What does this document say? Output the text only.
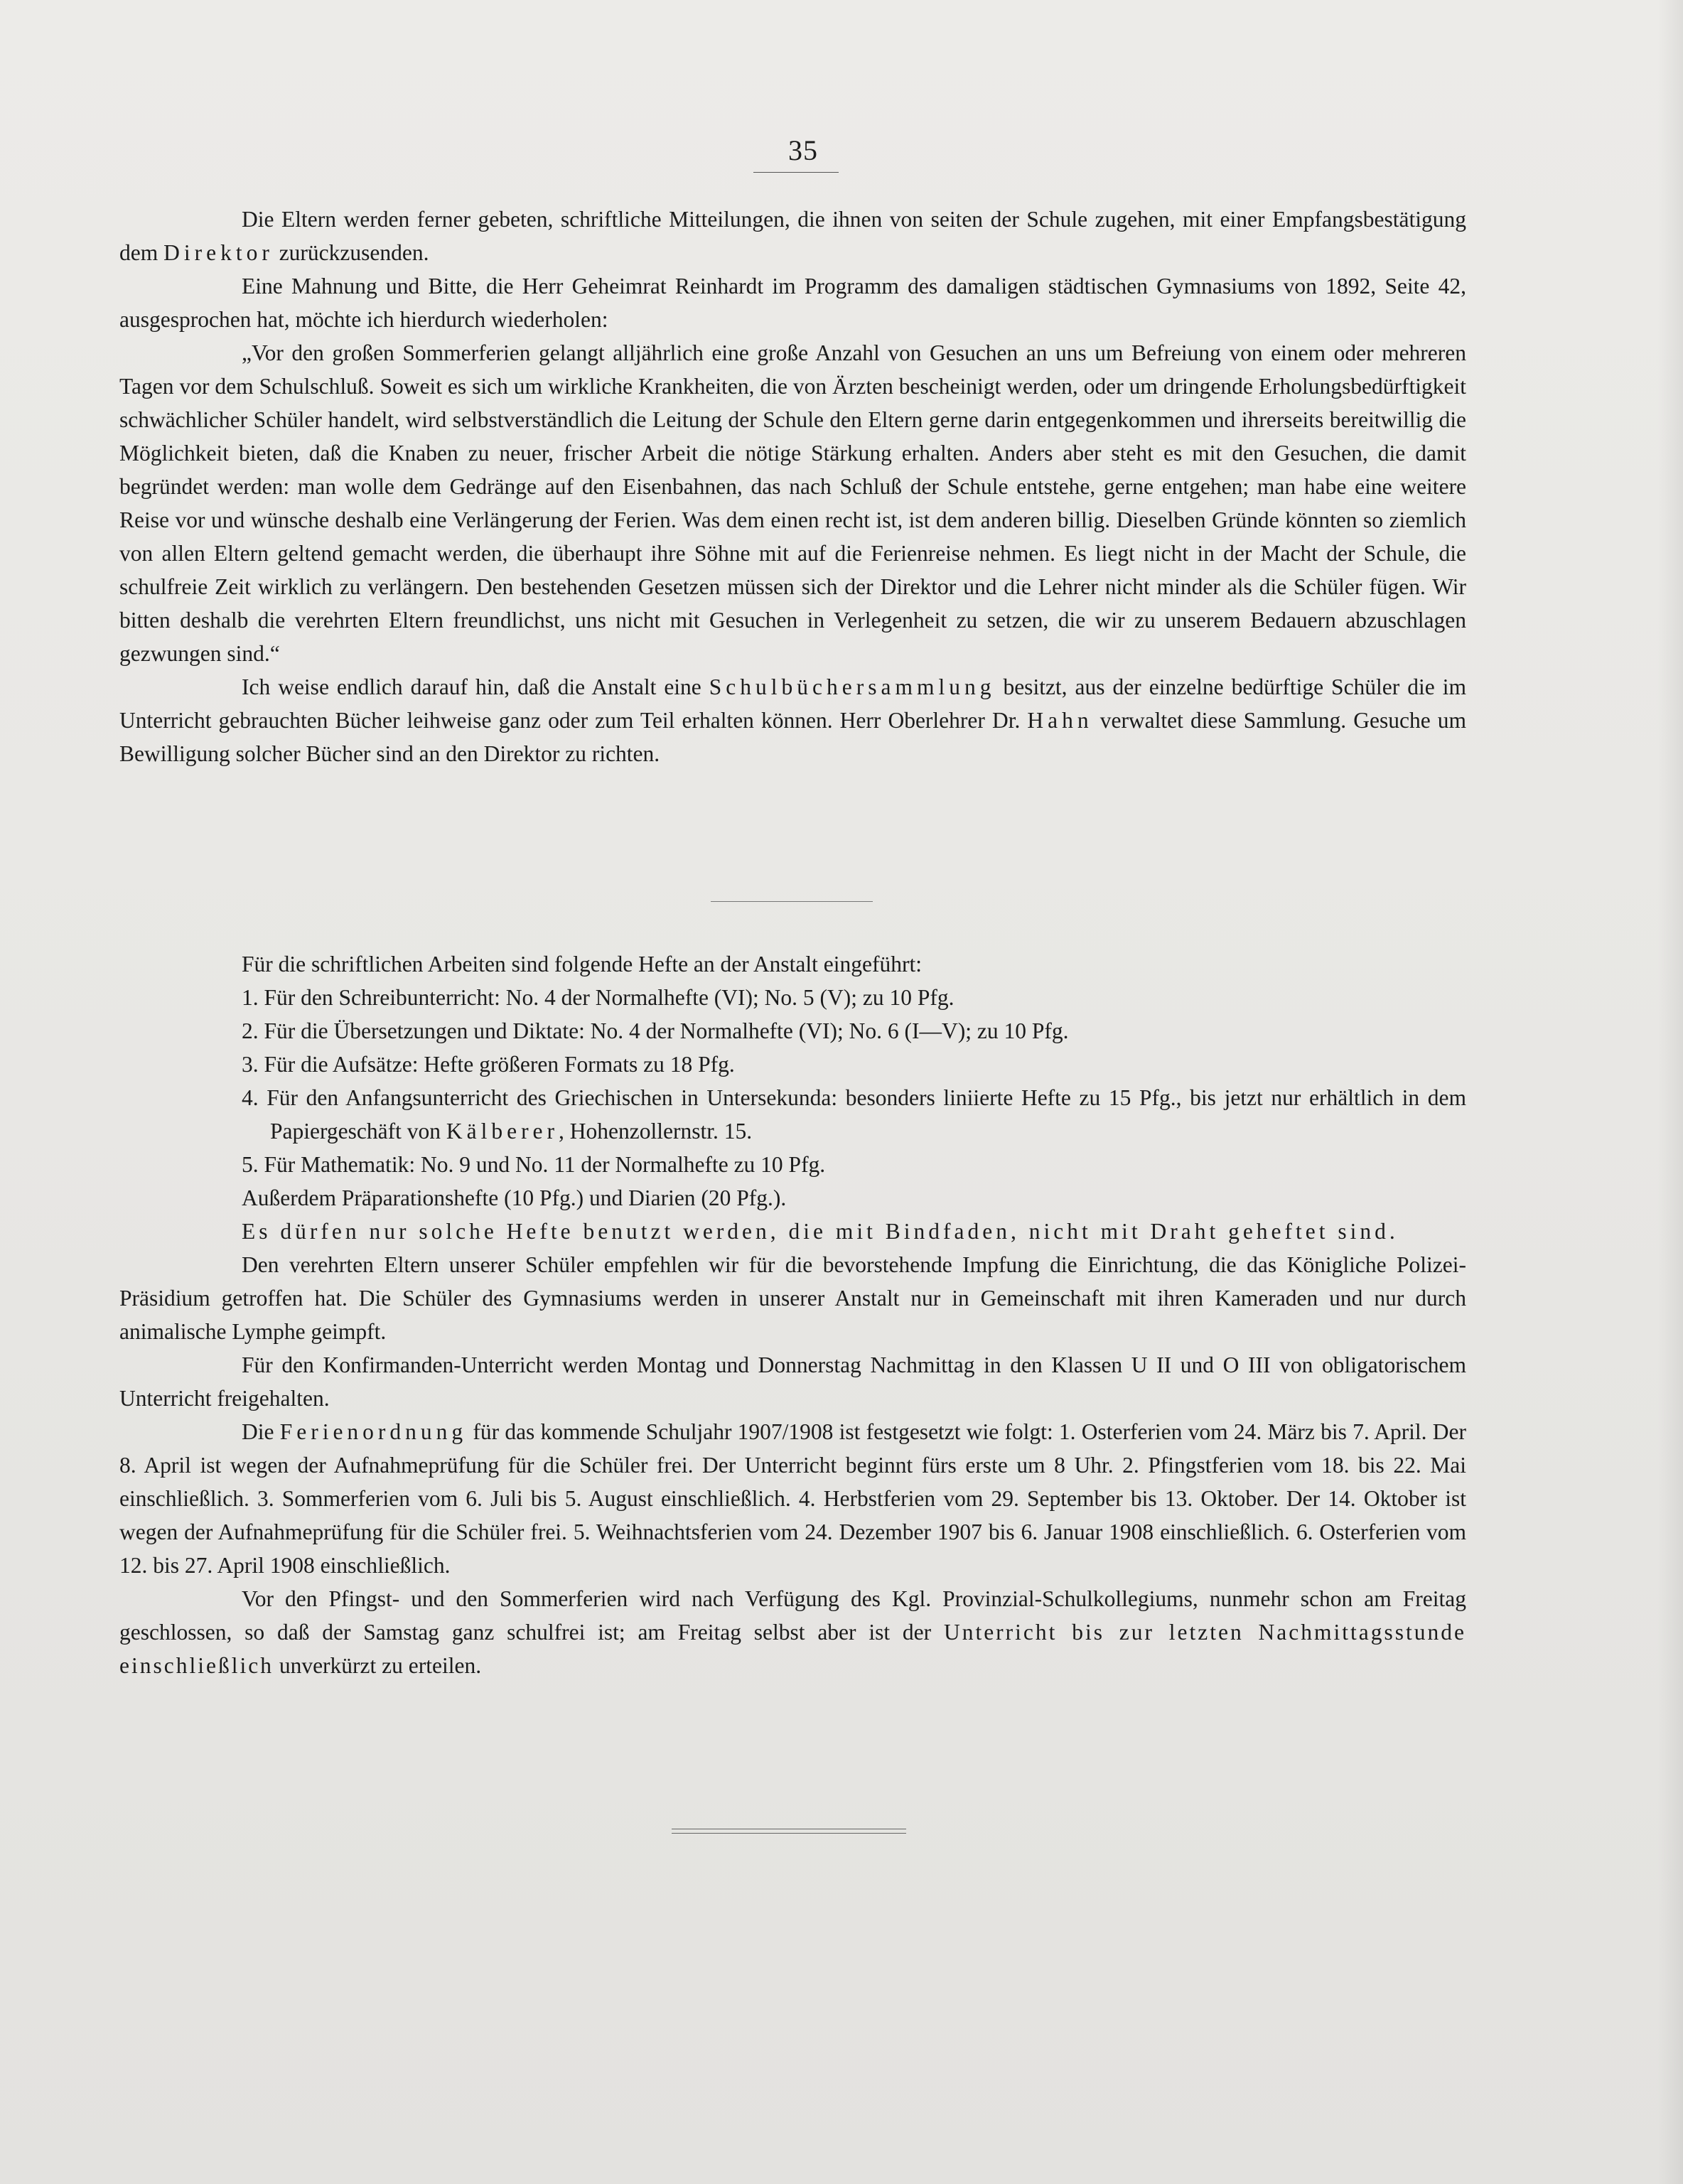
35

Die Eltern werden ferner gebeten, schriftliche Mitteilungen, die ihnen von seiten der Schule zugehen, mit einer Empfangsbestätigung dem Direktor zurückzusenden.

Eine Mahnung und Bitte, die Herr Geheimrat Reinhardt im Programm des damaligen städtischen Gymnasiums von 1892, Seite 42, ausgesprochen hat, möchte ich hierdurch wiederholen:

„Vor den großen Sommerferien gelangt alljährlich eine große Anzahl von Gesuchen an uns um Befreiung von einem oder mehreren Tagen vor dem Schulschluß. Soweit es sich um wirkliche Krankheiten, die von Ärzten bescheinigt werden, oder um dringende Erholungsbedürftigkeit schwächlicher Schüler handelt, wird selbstverständlich die Leitung der Schule den Eltern gerne darin entgegenkommen und ihrerseits bereitwillig die Möglichkeit bieten, daß die Knaben zu neuer, frischer Arbeit die nötige Stärkung erhalten. Anders aber steht es mit den Gesuchen, die damit begründet werden: man wolle dem Gedränge auf den Eisenbahnen, das nach Schluß der Schule entstehe, gerne entgehen; man habe eine weitere Reise vor und wünsche deshalb eine Verlängerung der Ferien. Was dem einen recht ist, ist dem anderen billig. Dieselben Gründe könnten so ziemlich von allen Eltern geltend gemacht werden, die überhaupt ihre Söhne mit auf die Ferienreise nehmen. Es liegt nicht in der Macht der Schule, die schulfreie Zeit wirklich zu verlängern. Den bestehenden Gesetzen müssen sich der Direktor und die Lehrer nicht minder als die Schüler fügen. Wir bitten deshalb die verehrten Eltern freundlichst, uns nicht mit Gesuchen in Verlegenheit zu setzen, die wir zu unserem Bedauern abzuschlagen gezwungen sind.“

Ich weise endlich darauf hin, daß die Anstalt eine Schulbüchersammlung besitzt, aus der einzelne bedürftige Schüler die im Unterricht gebrauchten Bücher leihweise ganz oder zum Teil erhalten können. Herr Oberlehrer Dr. Hahn verwaltet diese Sammlung. Gesuche um Bewilligung solcher Bücher sind an den Direktor zu richten.

Für die schriftlichen Arbeiten sind folgende Hefte an der Anstalt eingeführt:

1. Für den Schreibunterricht: No. 4 der Normalhefte (VI); No. 5 (V); zu 10 Pfg.
2. Für die Übersetzungen und Diktate: No. 4 der Normalhefte (VI); No. 6 (I—V); zu 10 Pfg.
3. Für die Aufsätze: Hefte größeren Formats zu 18 Pfg.
4. Für den Anfangsunterricht des Griechischen in Untersekunda: besonders liniierte Hefte zu 15 Pfg., bis jetzt nur erhältlich in dem Papiergeschäft von Kälberer, Hohenzollernstr. 15.
5. Für Mathematik: No. 9 und No. 11 der Normalhefte zu 10 Pfg.

Außerdem Präparationshefte (10 Pfg.) und Diarien (20 Pfg.).

Es dürfen nur solche Hefte benutzt werden, die mit Bindfaden, nicht mit Draht geheftet sind.

Den verehrten Eltern unserer Schüler empfehlen wir für die bevorstehende Impfung die Einrichtung, die das Königliche Polizei-Präsidium getroffen hat. Die Schüler des Gymnasiums werden in unserer Anstalt nur in Gemeinschaft mit ihren Kameraden und nur durch animalische Lymphe geimpft.

Für den Konfirmanden-Unterricht werden Montag und Donnerstag Nachmittag in den Klassen U II und O III von obligatorischem Unterricht freigehalten.

Die Ferienordnung für das kommende Schuljahr 1907/1908 ist festgesetzt wie folgt: 1. Osterferien vom 24. März bis 7. April. Der 8. April ist wegen der Aufnahmeprüfung für die Schüler frei. Der Unterricht beginnt fürs erste um 8 Uhr. 2. Pfingstferien vom 18. bis 22. Mai einschließlich. 3. Sommerferien vom 6. Juli bis 5. August einschließlich. 4. Herbstferien vom 29. September bis 13. Oktober. Der 14. Oktober ist wegen der Aufnahmeprüfung für die Schüler frei. 5. Weihnachtsferien vom 24. Dezember 1907 bis 6. Januar 1908 einschließlich. 6. Osterferien vom 12. bis 27. April 1908 einschließlich.

Vor den Pfingst- und den Sommerferien wird nach Verfügung des Kgl. Provinzial-Schulkollegiums, nunmehr schon am Freitag geschlossen, so daß der Samstag ganz schulfrei ist; am Freitag selbst aber ist der Unterricht bis zur letzten Nachmittagsstunde einschließlich unverkürzt zu erteilen.
